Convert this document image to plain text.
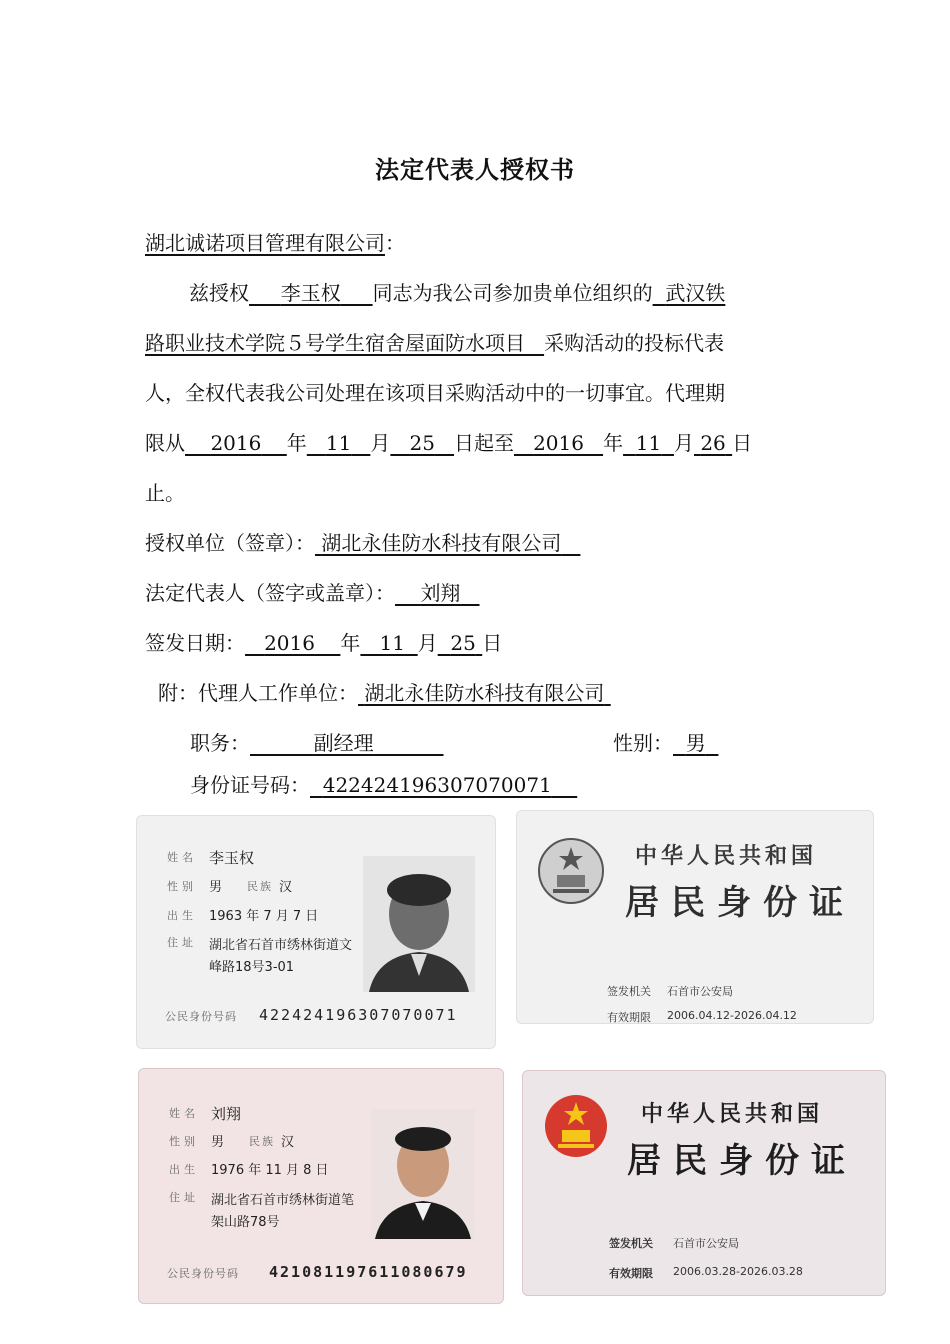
法定代表人授权书
湖北诚诺项目管理有限公司：
兹授权 李玉权 同志为我公司参加贵单位组织的 武汉铁
路职业技术学院５号学生宿舍屋面防水项目 采购活动的投标代表
人，全权代表我公司处理在该项目采购活动中的一切事宜。代理期
限从 2016 年 11 月 25 日起至 2016 年 11 月 26 日
止。
授权单位（签章）： 湖北永佳防水科技有限公司
法定代表人（签字或盖章）： 刘翔
签发日期： 2016 年 11 月 25 日
附：代理人工作单位： 湖北永佳防水科技有限公司
职务：	副经理	性别： 男
身份证号码： 422424196307070071
姓名 李玉权
性别 男 民族 汉
出生 1963 年 7 月 7 日
住址 湖北省石首市绣林街道文
峰路18号3-01
公民身份号码 422424196307070071
中华人民共和国
居民身份证
签发机关 石首市公安局
有效期限 2006.04.12-2026.04.12
姓名 刘翔
性别 男 民族 汉
出生 1976 年 11 月 8 日
住址 湖北省石首市绣林街道笔
架山路78号
公民身份号码 421081197611080679
中华人民共和国
居民身份证
签发机关 石首市公安局
有效期限 2006.03.28-2026.03.28
